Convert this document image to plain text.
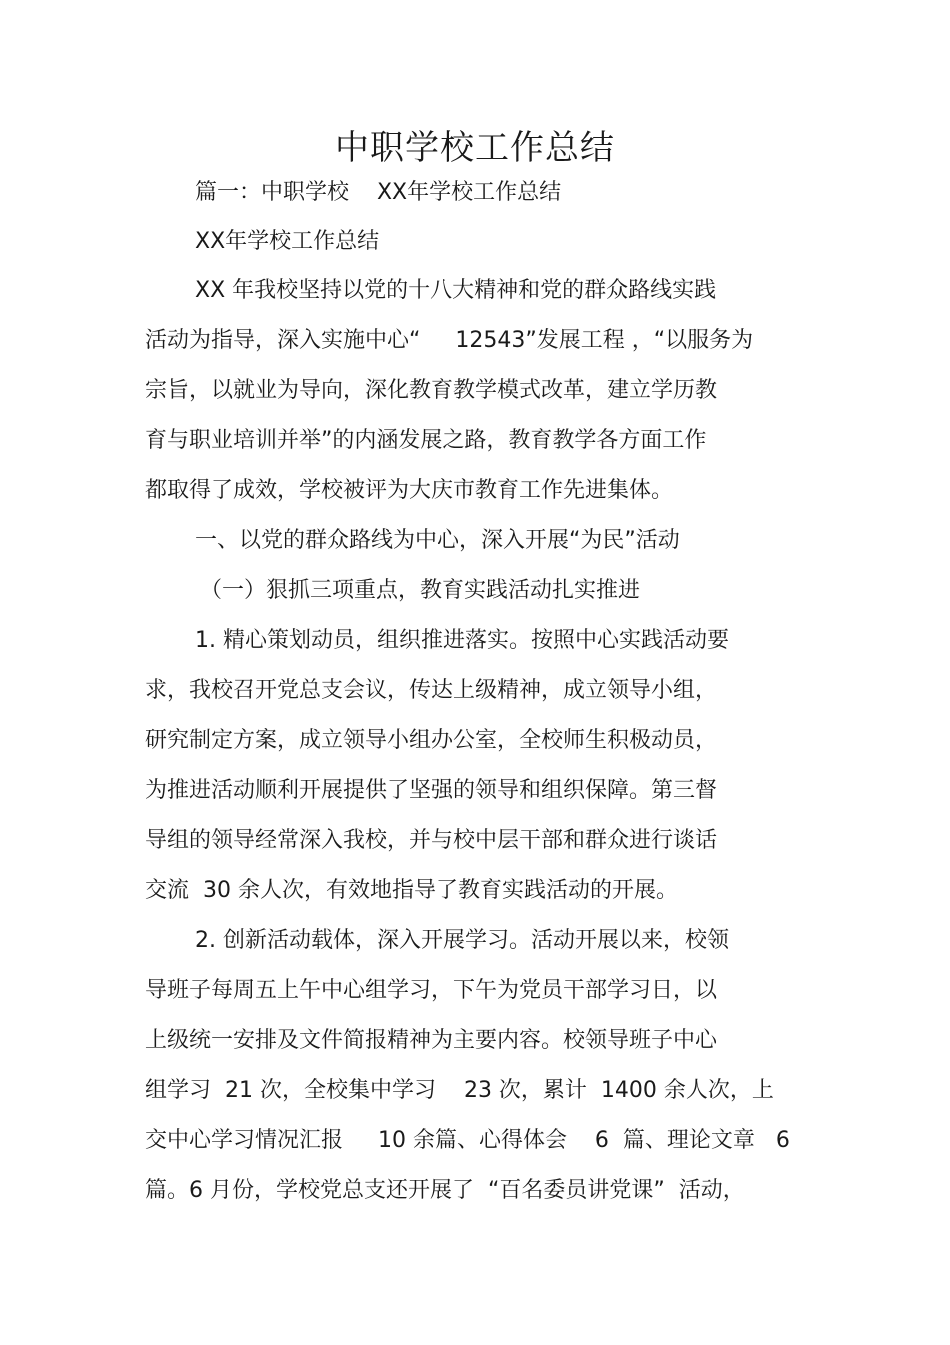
中职学校工作总结
篇一：中职学校    XX年学校工作总结
XX年学校工作总结
XX 年我校坚持以党的十八大精神和党的群众路线实践
活动为指导，深入实施中心“     12543”发展工程 ，“以服务为
宗旨，以就业为导向，深化教育教学模式改革，建立学历教
育与职业培训并举”的内涵发展之路，教育教学各方面工作
都取得了成效，学校被评为大庆市教育工作先进集体。
一、以党的群众路线为中心，深入开展“为民”活动
（一）狠抓三项重点，教育实践活动扎实推进
1. 精心策划动员，组织推进落实。按照中心实践活动要
求，我校召开党总支会议，传达上级精神，成立领导小组，
研究制定方案，成立领导小组办公室，全校师生积极动员，
为推进活动顺利开展提供了坚强的领导和组织保障。第三督
导组的领导经常深入我校，并与校中层干部和群众进行谈话
交流  30 余人次，有效地指导了教育实践活动的开展。
2. 创新活动载体，深入开展学习。活动开展以来，校领
导班子每周五上午中心组学习，下午为党员干部学习日，以
上级统一安排及文件简报精神为主要内容。校领导班子中心
组学习  21 次，全校集中学习    23 次，累计  1400 余人次，上
交中心学习情况汇报     10 余篇、心得体会    6  篇、理论文章   6
篇。6 月份，学校党总支还开展了  “百名委员讲党课”  活动，
